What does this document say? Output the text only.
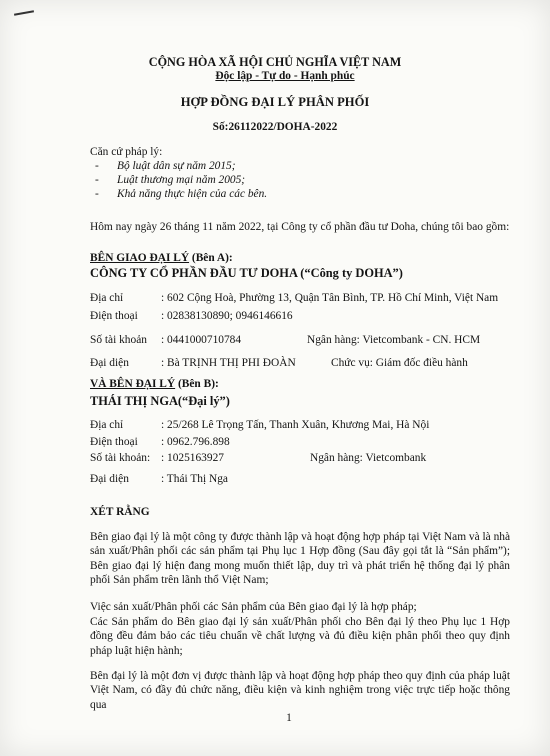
CỘNG HÒA XÃ HỘI CHỦ NGHĨA VIỆT NAM
Độc lập - Tự do - Hạnh phúc
HỢP ĐỒNG ĐẠI LÝ PHÂN PHỐI
Số:26112022/DOHA-2022
Căn cứ pháp lý:
- Bộ luật dân sự năm 2015;
- Luật thương mại năm 2005;
- Khả năng thực hiện của các bên.
Hôm nay ngày 26 tháng 11 năm 2022, tại Công ty cổ phần đầu tư Doha, chúng tôi bao gồm:
BÊN GIAO ĐẠI LÝ (Bên A):
CÔNG TY CỔ PHẦN ĐẦU TƯ DOHA (“Công ty DOHA”)
Địa chỉ	: 602 Cộng Hoà, Phường 13, Quận Tân Bình, TP. Hồ Chí Minh, Việt Nam
Điện thoại : 02838130890; 0946146616
Số tài khoản : 0441000710784	Ngân hàng: Vietcombank - CN. HCM
Đại diện	: Bà TRỊNH THỊ PHI ĐOÀN	Chức vụ: Giám đốc điều hành
VÀ BÊN ĐẠI LÝ (Bên B):
THÁI THỊ NGA(“Đại lý”)
Địa chỉ	: 25/268 Lê Trọng Tấn, Thanh Xuân, Khương Mai, Hà Nội
Điện thoại : 0962.796.898
Số tài khoản: : 1025163927	Ngân hàng: Vietcombank
Đại diện	: Thái Thị Nga
XÉT RẰNG
Bên giao đại lý là một công ty được thành lập và hoạt động hợp pháp tại Việt Nam và là nhà sản xuất/Phân phối các sản phẩm tại Phụ lục 1 Hợp đồng (Sau đây gọi tắt là “Sản phẩm”); Bên giao đại lý hiện đang mong muốn thiết lập, duy trì và phát triển hệ thống đại lý phân phối Sản phẩm trên lãnh thổ Việt Nam;
Việc sản xuất/Phân phối các Sản phẩm của Bên giao đại lý là hợp pháp;
Các Sản phẩm do Bên giao đại lý sản xuất/Phân phối cho Bên đại lý theo Phụ lục 1 Hợp đồng đều đảm bảo các tiêu chuẩn về chất lượng và đủ điều kiện phân phối theo quy định pháp luật hiện hành;
Bên đại lý là một đơn vị được thành lập và hoạt động hợp pháp theo quy định của pháp luật Việt Nam, có đầy đủ chức năng, điều kiện và kinh nghiệm trong việc trực tiếp hoặc thông qua
1
